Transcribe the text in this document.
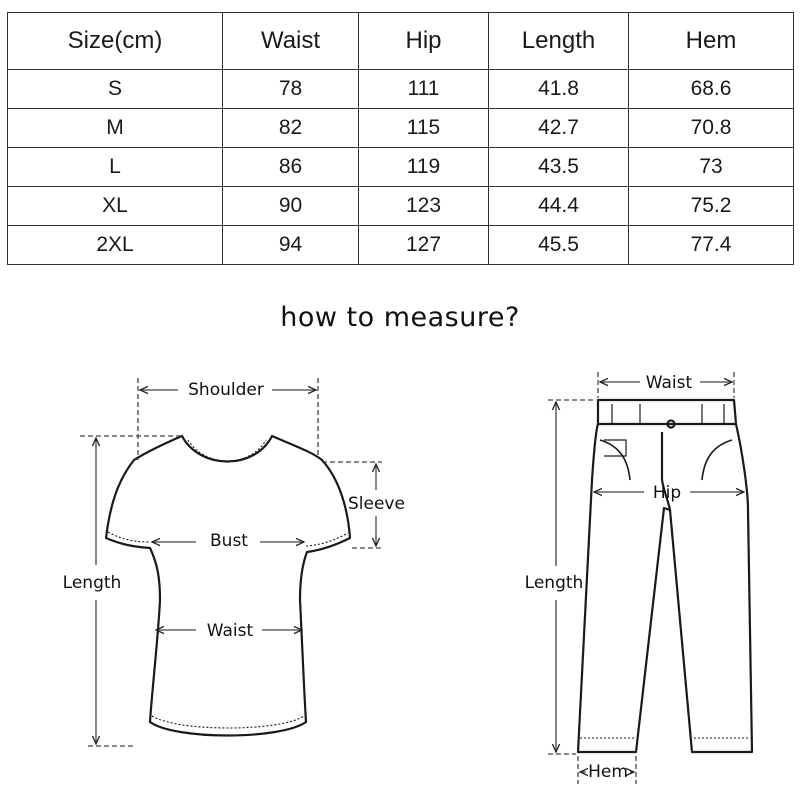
Size(cm)	Waist	Hip	Length	Hem
S	78	111	41.8	68.6
M	82	115	42.7	70.8
L	86	119	43.5	73
XL	90	123	44.4	75.2
2XL	94	127	45.5	77.4
how to measure?
Shoulder
Sleeve
Bust
Length
Waist
Waist
Hip
Length
Hem
